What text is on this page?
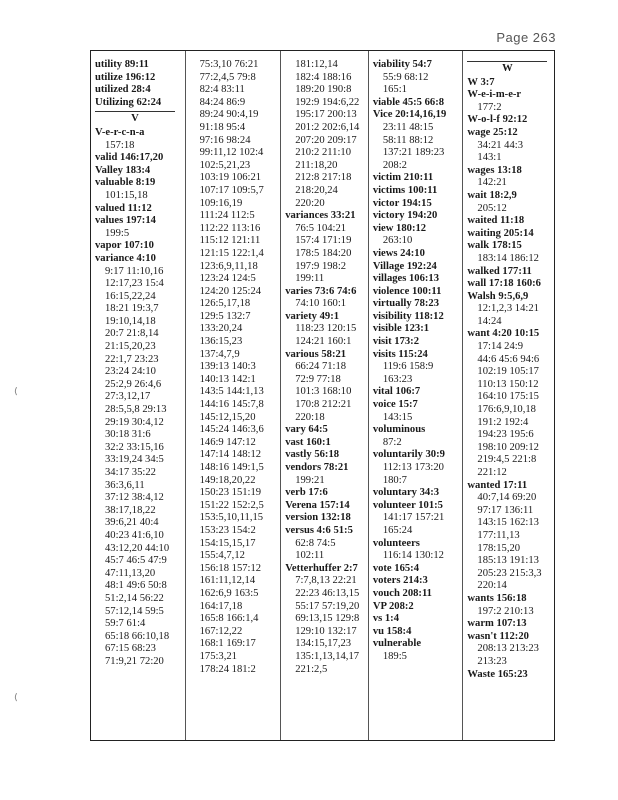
Page 263
⟨
⟨
utility 89:11
utilize 196:12
utilized 28:4
Utilizing 62:24
V
V-e-r-c-n-a
157:18
valid 146:17,20
Valley 183:4
valuable 8:19
101:15,18
valued 11:12
values 197:14
199:5
vapor 107:10
variance 4:10
9:17 11:10,16
12:17,23 15:4
16:15,22,24
18:21 19:3,7
19:10,14,18
20:7 21:8,14
21:15,20,23
22:1,7 23:23
23:24 24:10
25:2,9 26:4,6
27:3,12,17
28:5,5,8 29:13
29:19 30:4,12
30:18 31:6
32:2 33:15,16
33:19,24 34:5
34:17 35:22
36:3,6,11
37:12 38:4,12
38:17,18,22
39:6,21 40:4
40:23 41:6,10
43:12,20 44:10
45:7 46:5 47:9
47:11,13,20
48:1 49:6 50:8
51:2,14 56:22
57:12,14 59:5
59:7 61:4
65:18 66:10,18
67:15 68:23
71:9,21 72:20
75:3,10 76:21
77:2,4,5 79:8
82:4 83:11
84:24 86:9
89:24 90:4,19
91:18 95:4
97:16 98:24
99:11,12 102:4
102:5,21,23
103:19 106:21
107:17 109:5,7
109:16,19
111:24 112:5
112:22 113:16
115:12 121:11
121:15 122:1,4
123:6,9,11,18
123:24 124:5
124:20 125:24
126:5,17,18
129:5 132:7
133:20,24
136:15,23
137:4,7,9
139:13 140:3
140:13 142:1
143:5 144:1,13
144:16 145:7,8
145:12,15,20
145:24 146:3,6
146:9 147:12
147:14 148:12
148:16 149:1,5
149:18,20,22
150:23 151:19
151:22 152:2,5
153:5,10,11,15
153:23 154:2
154:15,15,17
155:4,7,12
156:18 157:12
161:11,12,14
162:6,9 163:5
164:17,18
165:8 166:1,4
167:12,22
168:1 169:17
175:3,21
178:24 181:2
181:12,14
182:4 188:16
189:20 190:8
192:9 194:6,22
195:17 200:13
201:2 202:6,14
207:20 209:17
210:2 211:10
211:18,20
212:8 217:18
218:20,24
220:20
variances 33:21
76:5 104:21
157:4 171:19
178:5 184:20
197:9 198:2
199:11
varies 73:6 74:6
74:10 160:1
variety 49:1
118:23 120:15
124:21 160:1
various 58:21
66:24 71:18
72:9 77:18
101:3 168:10
170:8 212:21
220:18
vary 64:5
vast 160:1
vastly 56:18
vendors 78:21
199:21
verb 17:6
Verena 157:14
version 132:18
versus 4:6 51:5
62:8 74:5
102:11
Vetterhuffer 2:7
7:7,8,13 22:21
22:23 46:13,15
55:17 57:19,20
69:13,15 129:8
129:10 132:17
134:15,17,23
135:1,13,14,17
221:2,5
viability 54:7
55:9 68:12
165:1
viable 45:5 66:8
Vice 20:14,16,19
23:11 48:15
58:11 88:12
137:21 189:23
208:2
victim 210:11
victims 100:11
victor 194:15
victory 194:20
view 180:12
263:10
views 24:10
Village 192:24
villages 106:13
violence 100:11
virtually 78:23
visibility 118:12
visible 123:1
visit 173:2
visits 115:24
119:6 158:9
163:23
vital 106:7
voice 15:7
143:15
voluminous
87:2
voluntarily 30:9
112:13 173:20
180:7
voluntary 34:3
volunteer 101:5
141:17 157:21
165:24
volunteers
116:14 130:12
vote 165:4
voters 214:3
vouch 208:11
VP 208:2
vs 1:4
vu 158:4
vulnerable
189:5
W
W 3:7
W-e-i-m-e-r
177:2
W-o-l-f 92:12
wage 25:12
34:21 44:3
143:1
wages 13:18
142:21
wait 18:2,9
205:12
waited 11:18
waiting 205:14
walk 178:15
183:14 186:12
walked 177:11
wall 17:18 160:6
Walsh 9:5,6,9
12:1,2,3 14:21
14:24
want 4:20 10:15
17:14 24:9
44:6 45:6 94:6
102:19 105:17
110:13 150:12
164:10 175:15
176:6,9,10,18
191:2 192:4
194:23 195:6
198:10 209:12
219:4,5 221:8
221:12
wanted 17:11
40:7,14 69:20
97:17 136:11
143:15 162:13
177:11,13
178:15,20
185:13 191:13
205:23 215:3,3
220:14
wants 156:18
197:2 210:13
warm 107:13
wasn't 112:20
208:13 213:23
213:23
Waste 165:23
